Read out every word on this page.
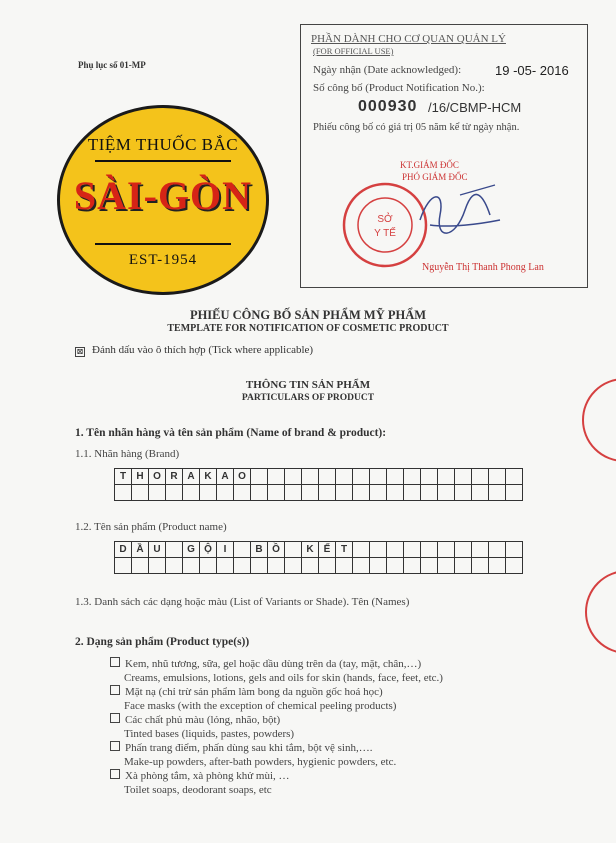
Phụ lục số 01-MP
PHẦN DÀNH CHO CƠ QUAN QUẢN LÝ
(FOR OFFICIAL USE)
Ngày nhận (Date acknowledged):	19 -05- 2016
Số công bố (Product Notification No.):
000930 /16/CBMP-HCM
Phiếu công bố có giá trị 05 năm kể từ ngày nhận.
KT.GIÁM ĐỐC
PHÓ GIÁM ĐỐC
SỞ
Y TẾ
Nguyễn Thị Thanh Phong Lan
TIỆM THUỐC BẮC
SÀI-GÒN
EST-1954
PHIẾU CÔNG BỐ SẢN PHẨM MỸ PHẨM
TEMPLATE FOR NOTIFICATION OF COSMETIC PRODUCT
⊠ Đánh dấu vào ô thích hợp (Tick where applicable)
THÔNG TIN SẢN PHẨM
PARTICULARS OF PRODUCT
1. Tên nhãn hàng và tên sản phẩm (Name of brand & product):
1.1. Nhãn hàng (Brand)
T	H	O	R	A	K	A	O																

1.2. Tên sản phẩm (Product name)
D	Ầ	U		G	Ộ	I		B	Ồ		K	Ế	T										

1.3. Danh sách các dạng hoặc màu (List of Variants or Shade). Tên (Names)
2. Dạng sản phẩm (Product type(s))
Kem, nhũ tương, sữa, gel hoặc dầu dùng trên da (tay, mặt, chân,…)
Creams, emulsions, lotions, gels and oils for skin (hands, face, feet, etc.)
Mặt nạ (chỉ trừ sản phẩm làm bong da nguồn gốc hoá học)
Face masks (with the exception of chemical peeling products)
Các chất phủ màu (lỏng, nhão, bột)
Tinted bases (liquids, pastes, powders)
Phấn trang điểm, phấn dùng sau khi tắm, bột vệ sinh,….
Make-up powders, after-bath powders, hygienic powders, etc.
Xà phòng tắm, xà phòng khử mùi, …
Toilet soaps, deodorant soaps, etc
